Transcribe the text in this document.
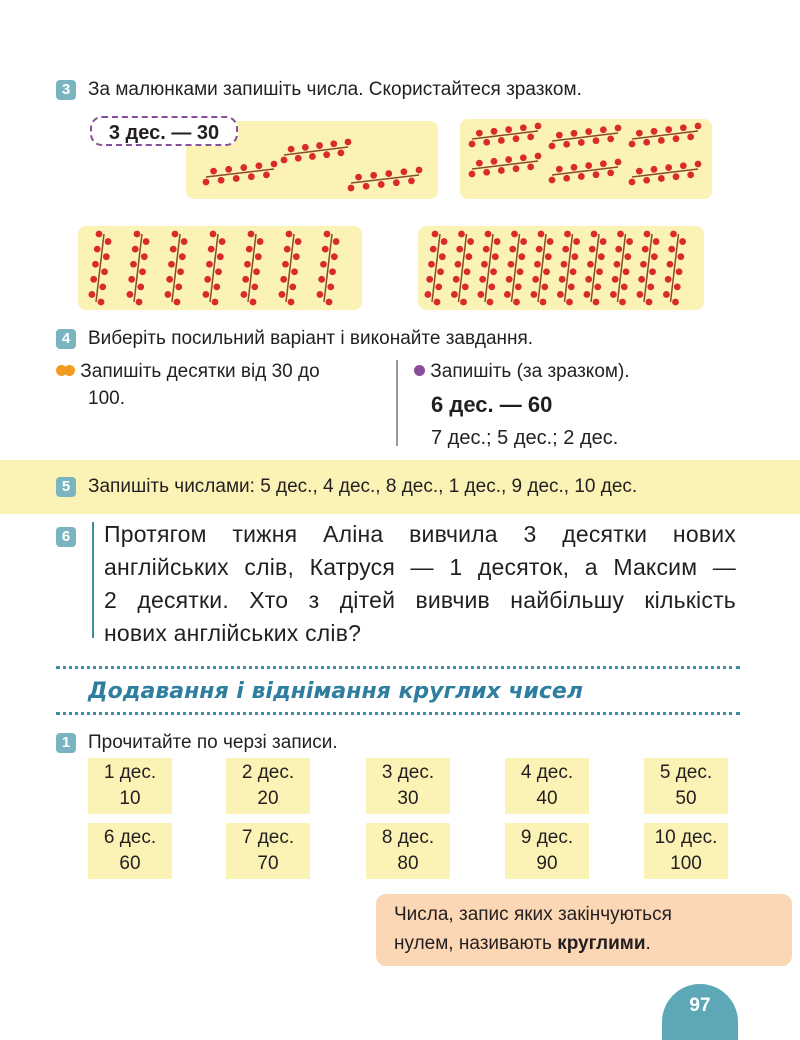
3 За малюнками запишіть числа. Скористайтеся зразком.
3 дес. — 30
4 Виберіть посильний варіант і виконайте завдання.
Запишіть десятки від 30 до
100.
Запишіть (за зразком).
6 дес. — 60
7 дес.; 5 дес.; 2 дес.
5 Запишіть числами: 5 дес., 4 дес., 8 дес., 1 дес., 9 дес., 10 дес.
6 Протягом тижня Аліна вивчила 3 десятки нових
англійських слів, Катруся — 1 десяток, а Максим —
2 десятки. Хто з дітей вивчив найбільшу кількість
нових англійських слів?
Додавання і віднімання круглих чисел
1 Прочитайте по черзі записи.
1 дес.
10
2 дес.
20
3 дес.
30
4 дес.
40
5 дес.
50
6 дес.
60
7 дес.
70
8 дес.
80
9 дес.
90
10 дес.
100
Числа, запис яких закінчуються
нулем, називають круглими.
97
